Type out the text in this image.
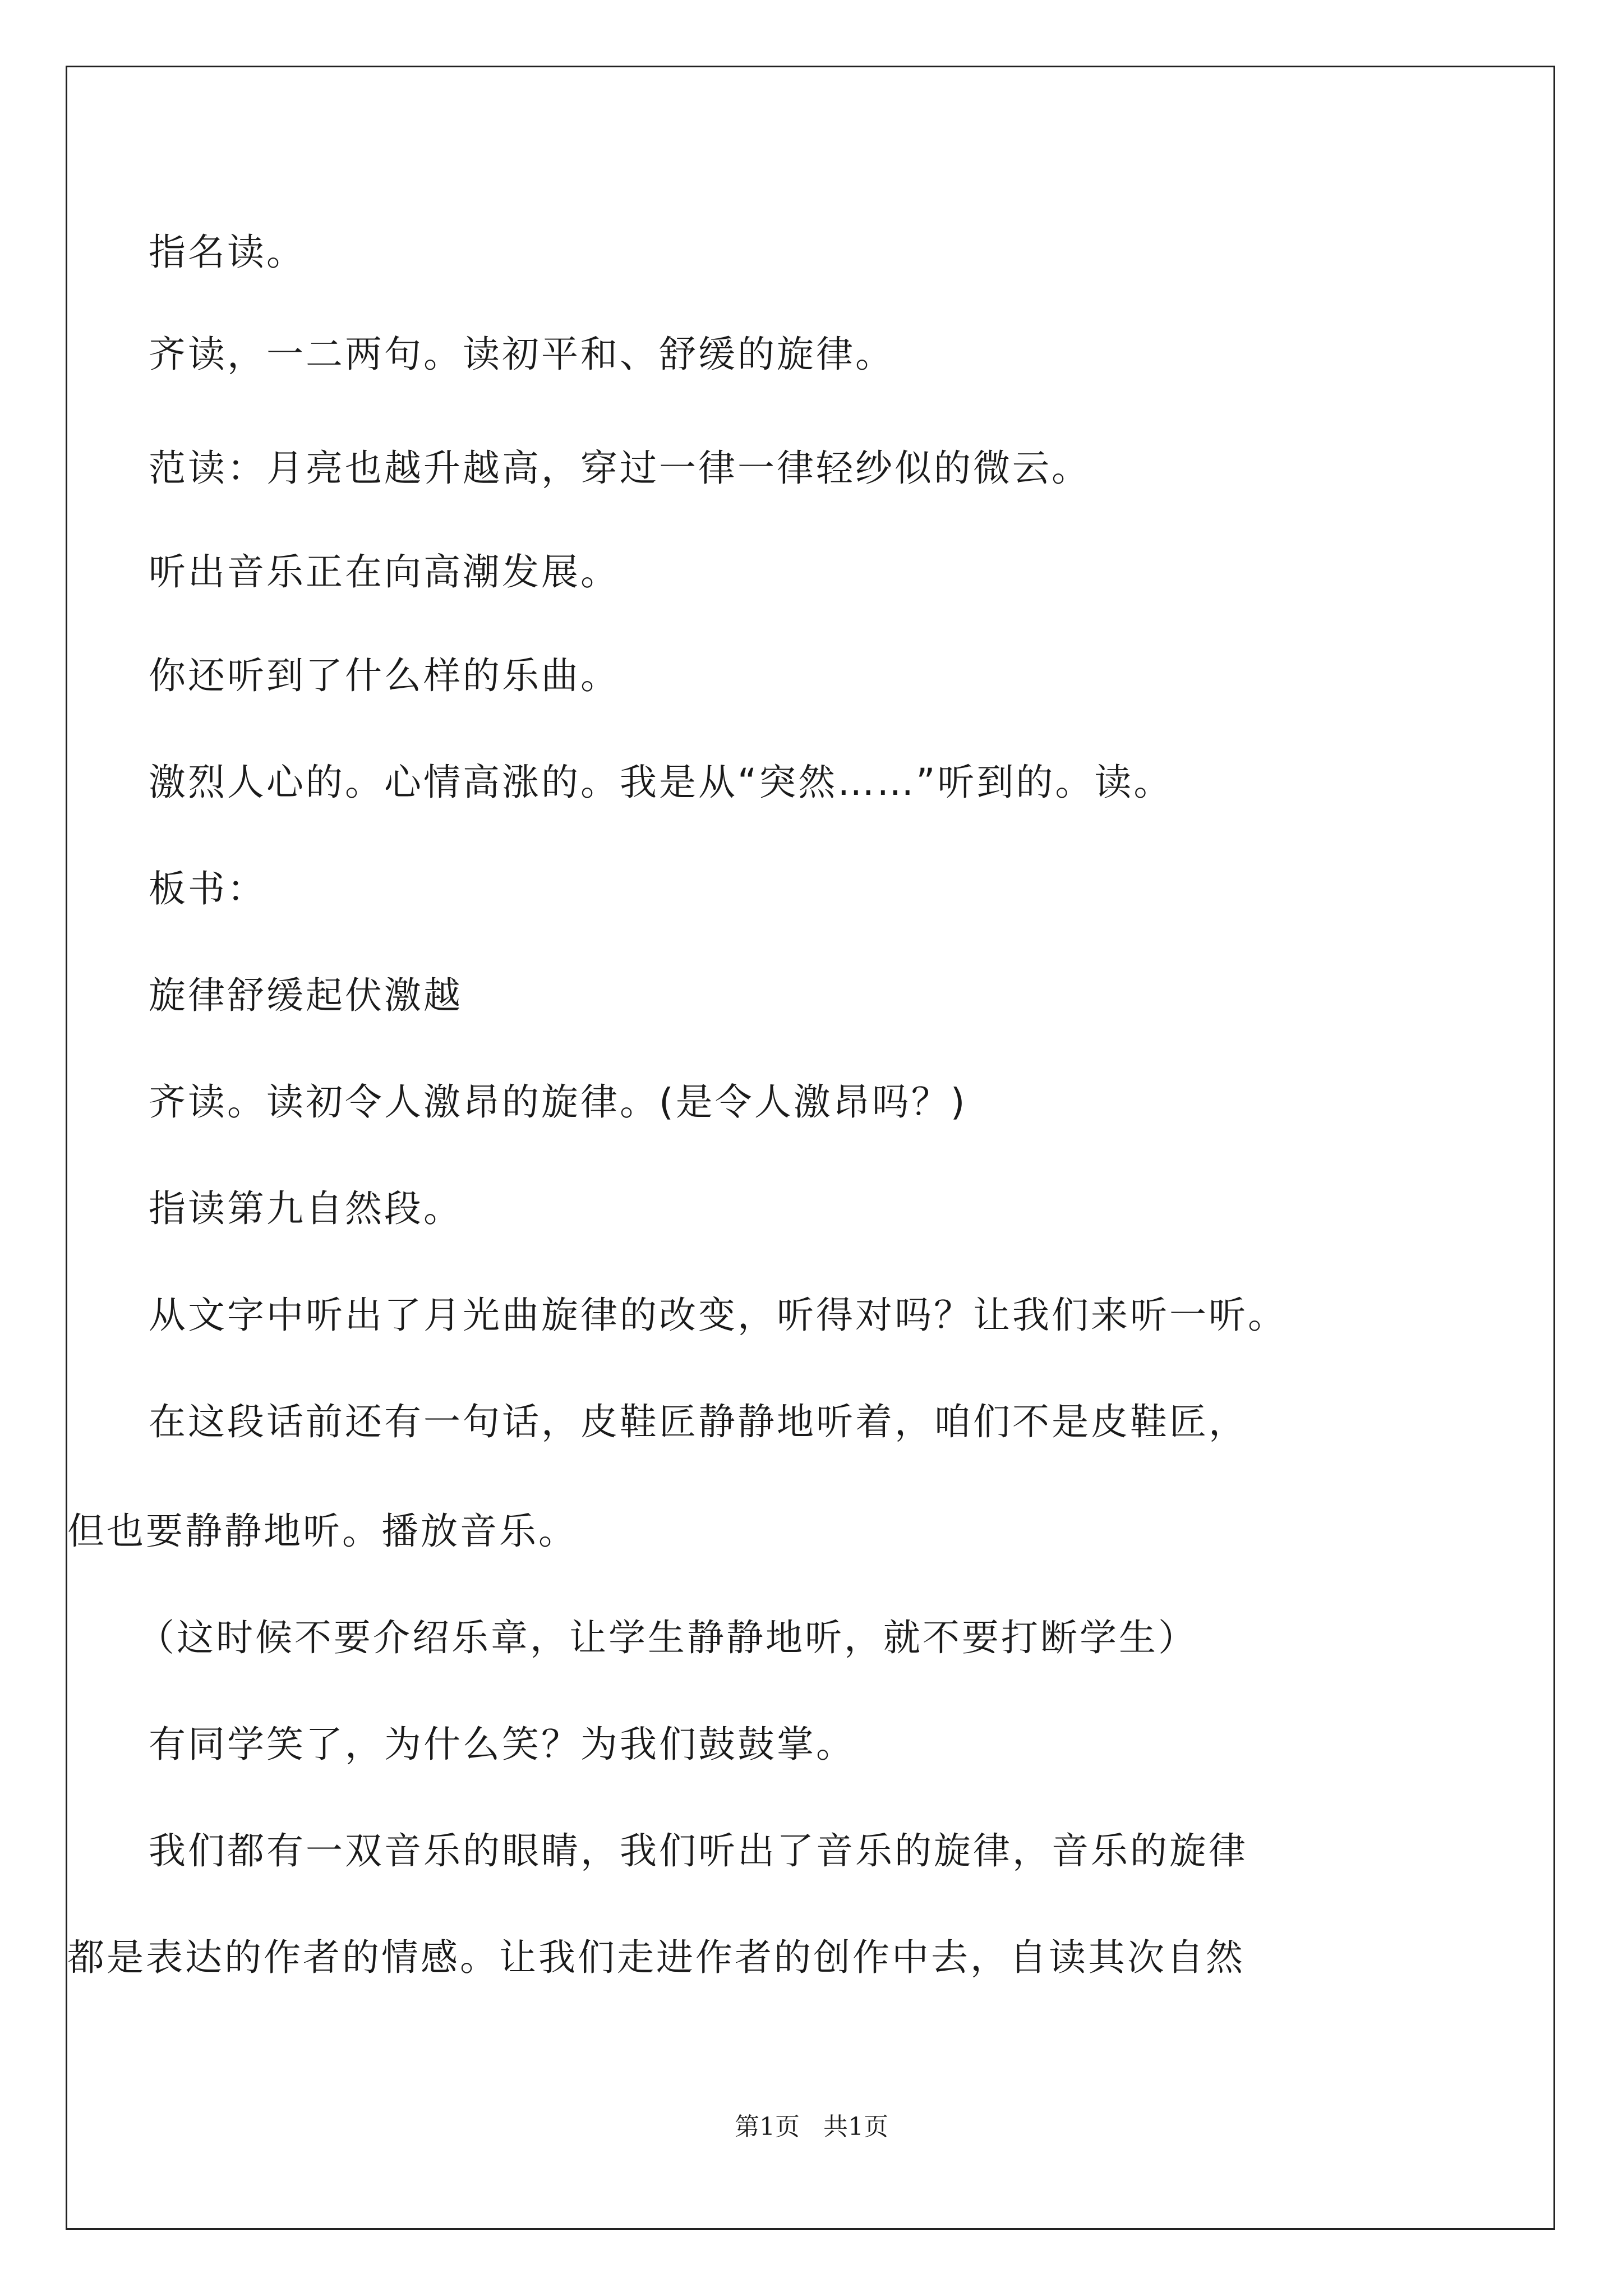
指名读。
齐读，一二两句。读初平和、舒缓的旋律。
范读：月亮也越升越高，穿过一律一律轻纱似的微云。
听出音乐正在向高潮发展。
你还听到了什么样的乐曲。
激烈人心的。心情高涨的。我是从“突然……”听到的。读。
板书：
旋律舒缓起伏激越
齐读。读初令人激昂的旋律。(是令人激昂吗？)
指读第九自然段。
从文字中听出了月光曲旋律的改变，听得对吗？让我们来听一听。
在这段话前还有一句话，皮鞋匠静静地听着，咱们不是皮鞋匠，
但也要静静地听。播放音乐。
（这时候不要介绍乐章，让学生静静地听，就不要打断学生）
有同学笑了，为什么笑？为我们鼓鼓掌。
我们都有一双音乐的眼睛，我们听出了音乐的旋律，音乐的旋律
都是表达的作者的情感。让我们走进作者的创作中去，自读其次自然
第1页 共1页
